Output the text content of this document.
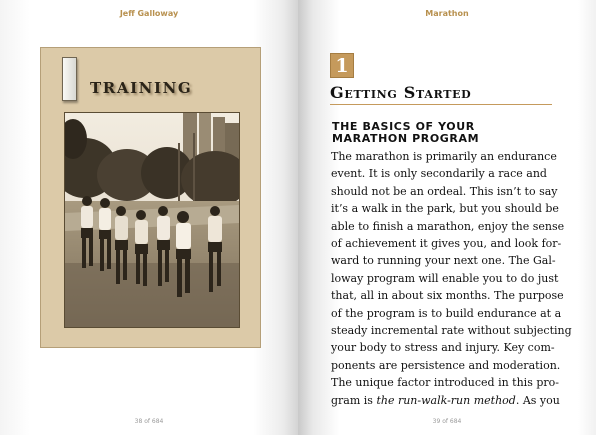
Jeff Galloway
TRAINING
38 of 684
Marathon
1
Getting Started
THE BASICS OF YOUR
MARATHON PROGRAM
The marathon is primarily an endurance
event. It is only secondarily a race and
should not be an ordeal. This isn’t to say
it’s a walk in the park, but you should be
able to finish a marathon, enjoy the sense
of achievement it gives you, and look for-
ward to running your next one. The Gal-
loway program will enable you to do just
that, all in about six months. The purpose
of the program is to build endurance at a
steady incremental rate without subjecting
your body to stress and injury. Key com-
ponents are persistence and moderation.
The unique factor introduced in this pro-
gram is the run-walk-run method. As you
39 of 684
